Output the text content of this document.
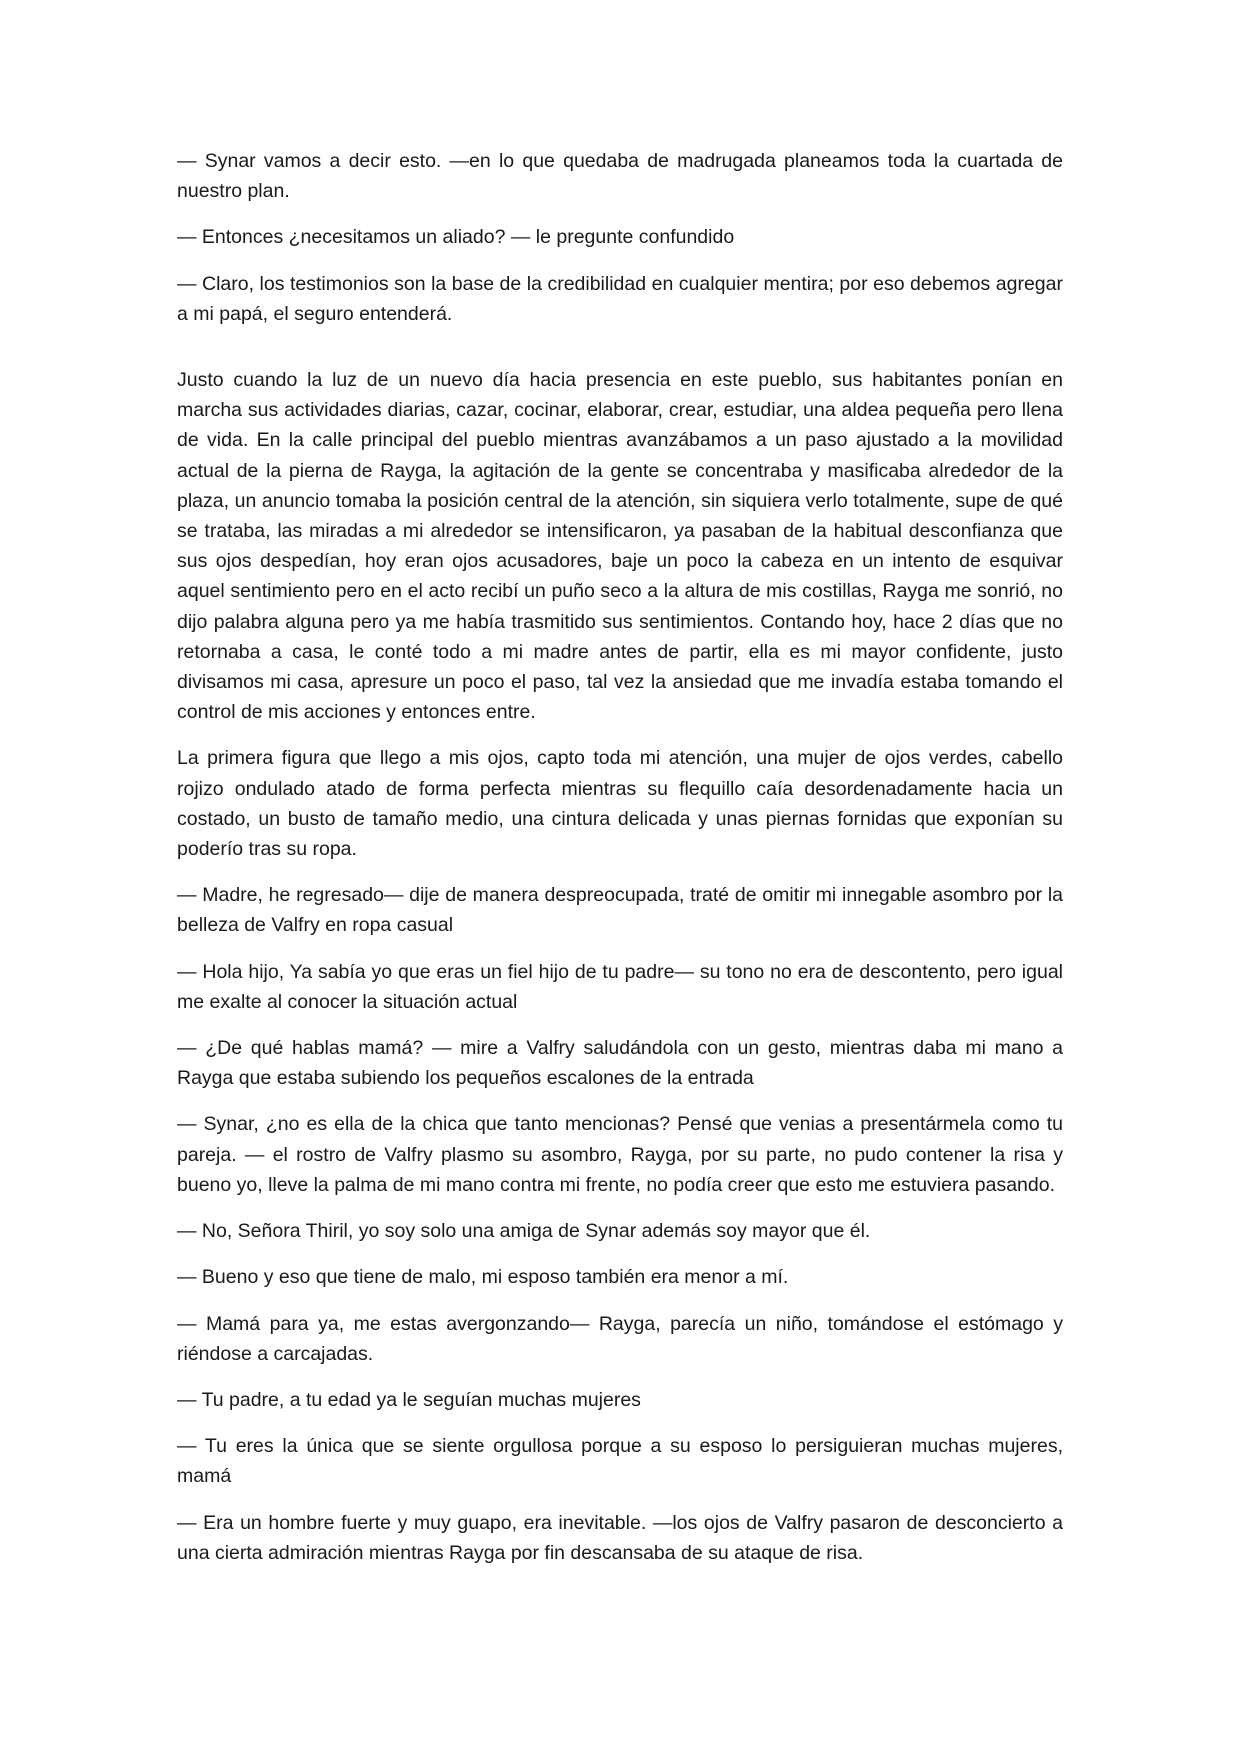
— Synar vamos a decir esto. —en lo que quedaba de madrugada planeamos toda la cuartada de nuestro plan.

— Entonces ¿necesitamos un aliado? — le pregunte confundido

— Claro, los testimonios son la base de la credibilidad en cualquier mentira; por eso debemos agregar a mi papá, el seguro entenderá.

Justo cuando la luz de un nuevo día hacia presencia en este pueblo, sus habitantes ponían en marcha sus actividades diarias, cazar, cocinar, elaborar, crear, estudiar, una aldea pequeña pero llena de vida. En la calle principal del pueblo mientras avanzábamos a un paso ajustado a la movilidad actual de la pierna de Rayga, la agitación de la gente se concentraba y masificaba alrededor de la plaza, un anuncio tomaba la posición central de la atención, sin siquiera verlo totalmente, supe de qué se trataba, las miradas a mi alrededor se intensificaron, ya pasaban de la habitual desconfianza que sus ojos despedían, hoy eran ojos acusadores, baje un poco la cabeza en un intento de esquivar aquel sentimiento pero en el acto recibí un puño seco a la altura de mis costillas, Rayga me sonrió, no dijo palabra alguna pero ya me había trasmitido sus sentimientos. Contando hoy, hace 2 días que no retornaba a casa, le conté todo a mi madre antes de partir, ella es mi mayor confidente, justo divisamos mi casa, apresure un poco el paso, tal vez la ansiedad que me invadía estaba tomando el control de mis acciones y entonces entre.

La primera figura que llego a mis ojos, capto toda mi atención, una mujer de ojos verdes, cabello rojizo ondulado atado de forma perfecta mientras su flequillo caía desordenadamente hacia un costado, un busto de tamaño medio, una cintura delicada y unas piernas fornidas que exponían su poderío tras su ropa.

— Madre, he regresado— dije de manera despreocupada, traté de omitir mi innegable asombro por la belleza de Valfry en ropa casual

— Hola hijo, Ya sabía yo que eras un fiel hijo de tu padre— su tono no era de descontento, pero igual me exalte al conocer la situación actual

— ¿De qué hablas mamá? — mire a Valfry saludándola con un gesto, mientras daba mi mano a Rayga que estaba subiendo los pequeños escalones de la entrada

— Synar, ¿no es ella de la chica que tanto mencionas? Pensé que venias a presentármela como tu pareja. — el rostro de Valfry plasmo su asombro, Rayga, por su parte, no pudo contener la risa y bueno yo, lleve la palma de mi mano contra mi frente, no podía creer que esto me estuviera pasando.

— No, Señora Thiril, yo soy solo una amiga de Synar además soy mayor que él.

— Bueno y eso que tiene de malo, mi esposo también era menor a mí.

— Mamá para ya, me estas avergonzando— Rayga, parecía un niño, tomándose el estómago y riéndose a carcajadas.

— Tu padre, a tu edad ya le seguían muchas mujeres

— Tu eres la única que se siente orgullosa porque a su esposo lo persiguieran muchas mujeres, mamá

— Era un hombre fuerte y muy guapo, era inevitable. —los ojos de Valfry pasaron de desconcierto a una cierta admiración mientras Rayga por fin descansaba de su ataque de risa.
